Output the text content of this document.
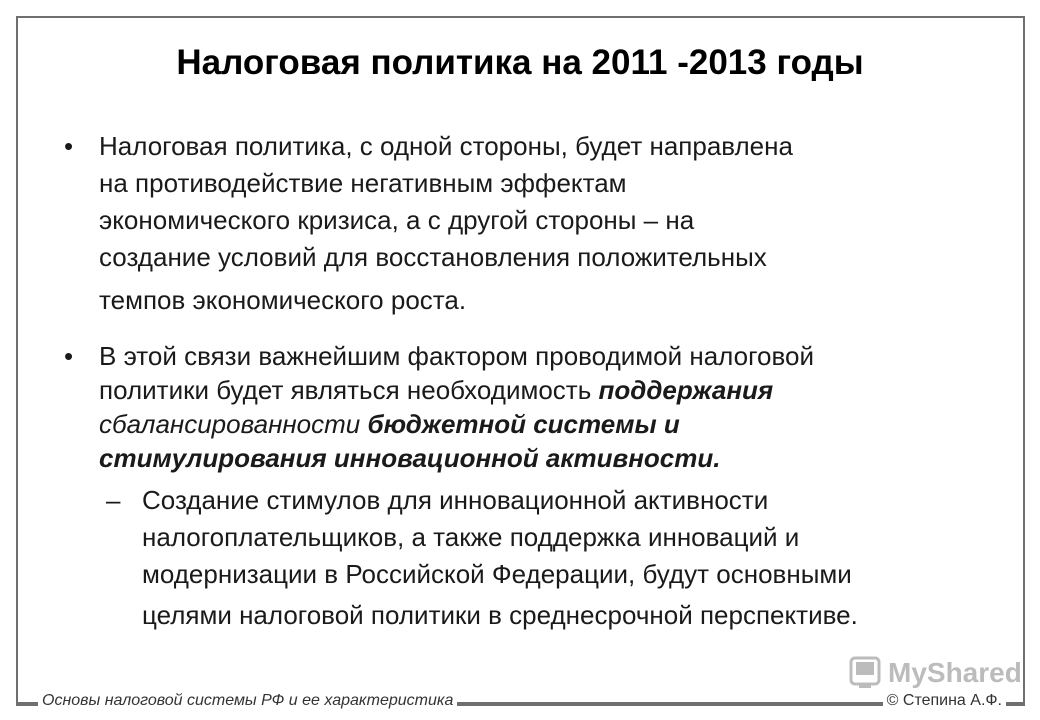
Налоговая политика на 2011 -2013 годы
• Налоговая политика, с одной стороны, будет направлена

на противодействие негативным эффектам

экономического кризиса, а с другой стороны – на

создание условий для восстановления положительных

темпов экономического роста.

• В этой связи важнейшим фактором проводимой налоговой

политики будет являться необходимость поддержания

сбалансированности бюджетной системы и

стимулирования инновационной активности.

– Создание стимулов для инновационной активности

налогоплательщиков, а также поддержка инноваций и

модернизации в Российской Федерации, будут основными

целями налоговой политики в среднесрочной перспективе.

MyShared
Основы налоговой системы РФ и ее характеристика	© Степина А.Ф.
